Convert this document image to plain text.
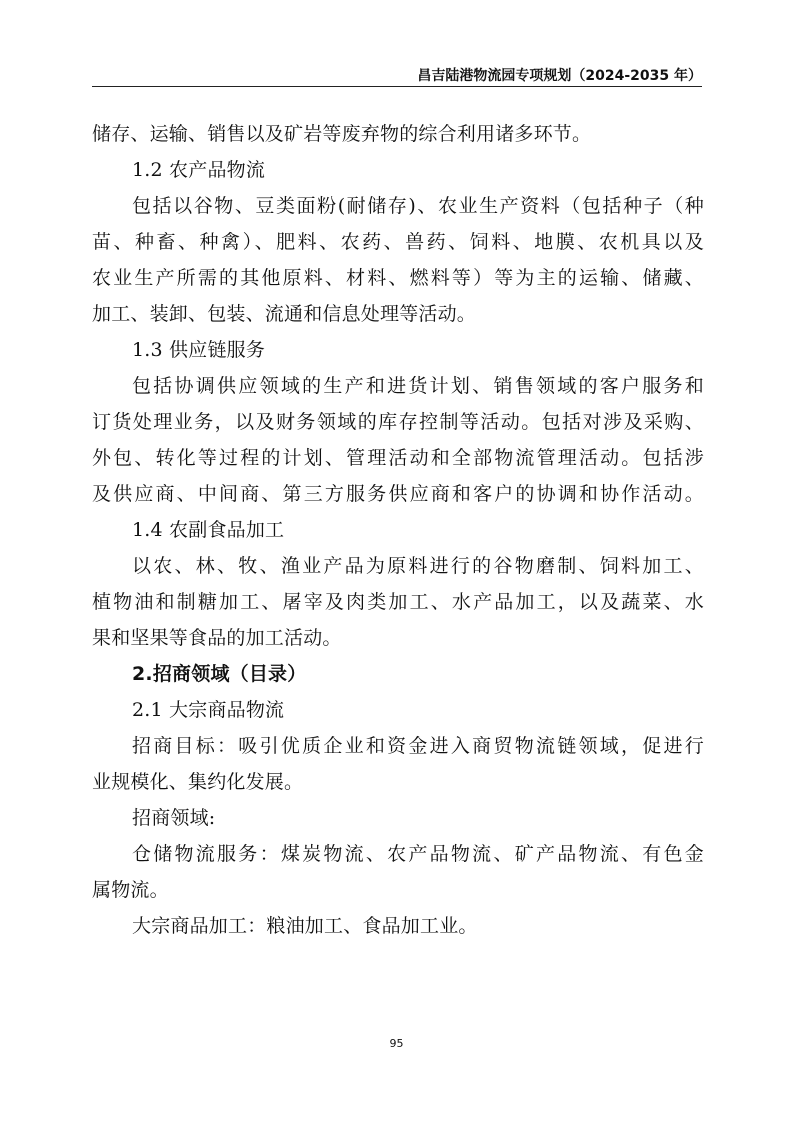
昌吉陆港物流园专项规划（2024-2035 年）
储存、运输、销售以及矿岩等废弃物的综合利用诸多环节。
1.2 农产品物流
包括以谷物、豆类面粉(耐储存)、农业生产资料（包括种子（种
苗、种畜、种禽）、肥料、农药、兽药、饲料、地膜、农机具以及
农业生产所需的其他原料、材料、燃料等）等为主的运输、储藏、
加工、装卸、包装、流通和信息处理等活动。
1.3 供应链服务
包括协调供应领域的生产和进货计划、销售领域的客户服务和
订货处理业务，以及财务领域的库存控制等活动。包括对涉及采购、
外包、转化等过程的计划、管理活动和全部物流管理活动。包括涉
及供应商、中间商、第三方服务供应商和客户的协调和协作活动。
1.4 农副食品加工
以农、林、牧、渔业产品为原料进行的谷物磨制、饲料加工、
植物油和制糖加工、屠宰及肉类加工、水产品加工，以及蔬菜、水
果和坚果等食品的加工活动。
2.招商领域（目录）
2.1 大宗商品物流
招商目标：吸引优质企业和资金进入商贸物流链领域，促进行
业规模化、集约化发展。
招商领域:
仓储物流服务：煤炭物流、农产品物流、矿产品物流、有色金
属物流。
大宗商品加工：粮油加工、食品加工业。
95
